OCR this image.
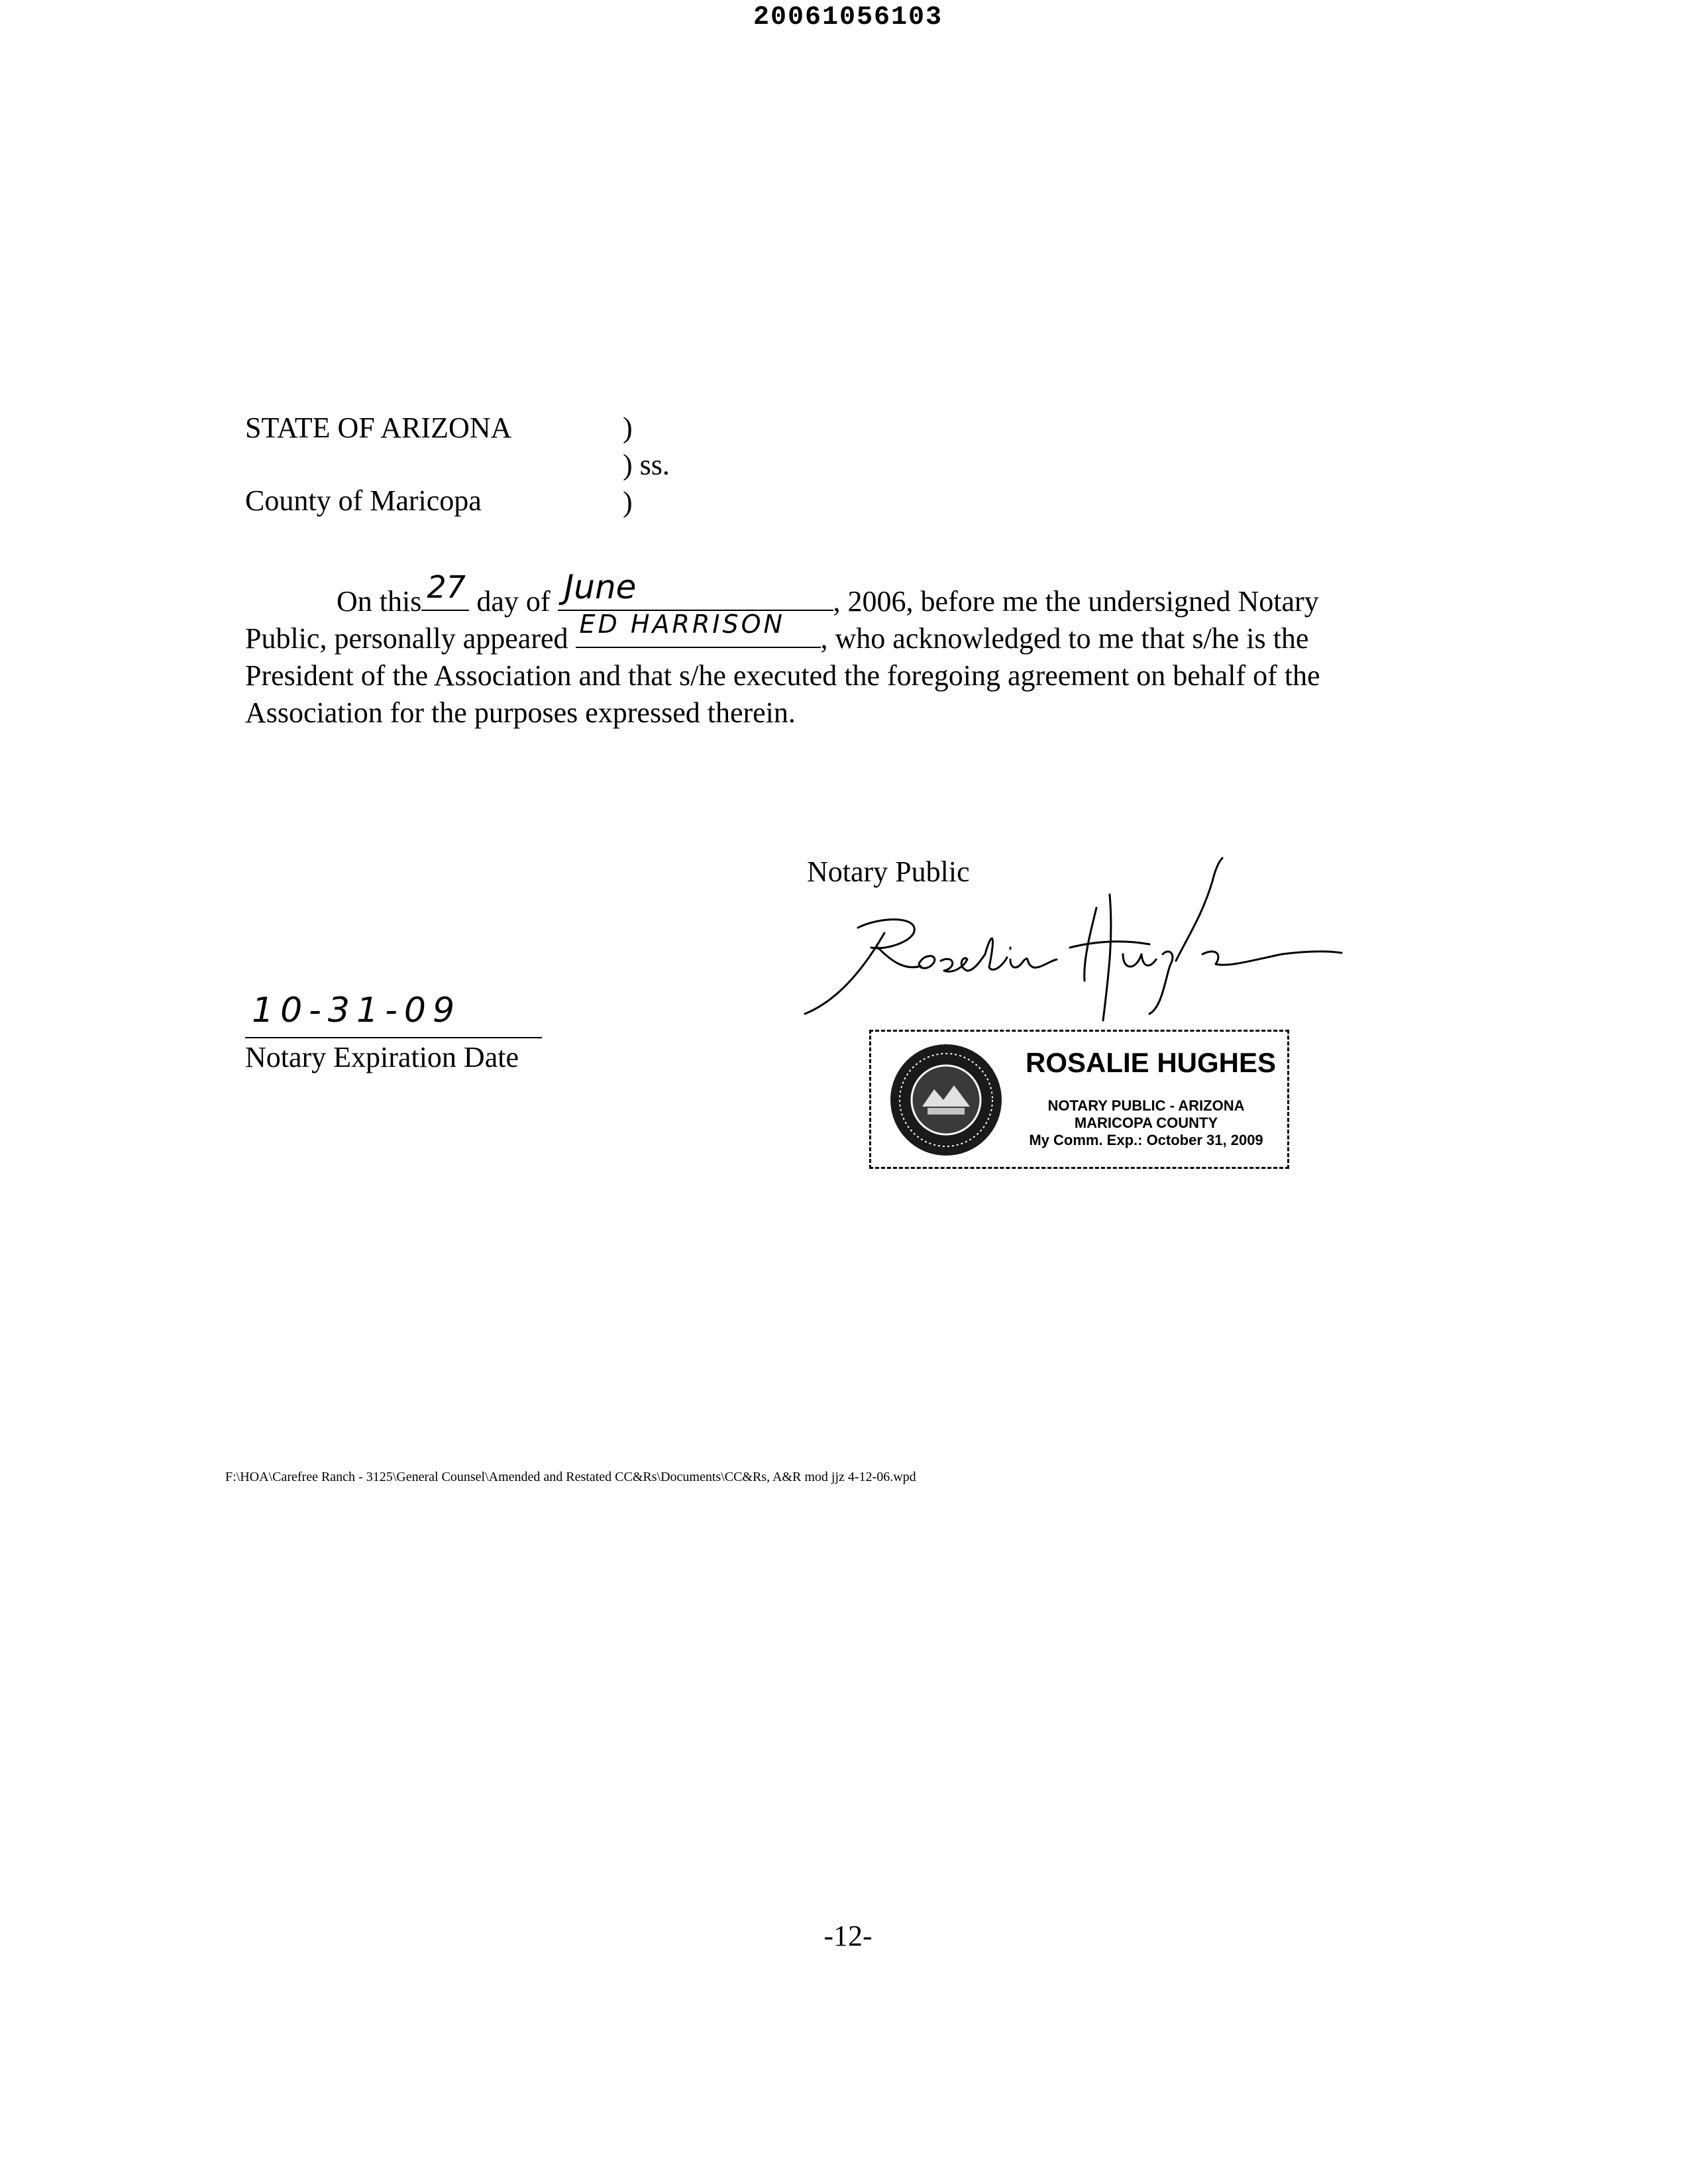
20061056103
STATE OF ARIZONA
County of Maricopa
)
) ss.
)
On this 27 day of June	, 2006, before me the undersigned Notary
Public, personally appeared ED HARRISON , who acknowledged to me that s/he is the
President of the Association and that s/he executed the foregoing agreement on behalf of the
Association for the purposes expressed therein.
Notary Public
10-31-09
Notary Expiration Date	ROSALIE HUGHES
NOTARY PUBLIC - ARIZONA
MARICOPA COUNTY
My Comm. Exp.: October 31, 2009
F:\HOA\Carefree Ranch - 3125\General Counsel\Amended and Restated CC&Rs\Documents\CC&Rs, A&R mod jjz 4-12-06.wpd
-12-
